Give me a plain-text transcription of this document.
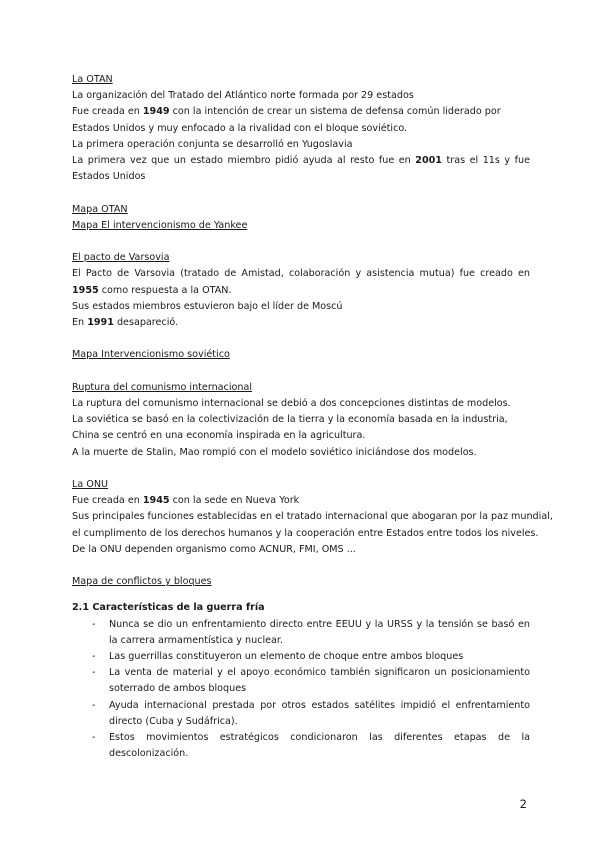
La OTAN
La organización del Tratado del Atlántico norte formada por 29 estados
Fue creada en 1949 con la intención de crear un sistema de defensa común liderado por
Estados Unidos y muy enfocado a la rivalidad con el bloque soviético.
La primera operación conjunta se desarrolló en Yugoslavia
La primera vez que un estado miembro pidió ayuda al resto fue en 2001 tras el 11s y fue Estados Unidos
Mapa OTAN
Mapa El intervencionismo de Yankee
El pacto de Varsovia
El Pacto de Varsovia (tratado de Amistad, colaboración y asistencia mutua) fue creado en 1955 como respuesta a la OTAN.
Sus estados miembros estuvieron bajo el líder de Moscú
En 1991 desapareció.
Mapa Intervencionismo soviético
Ruptura del comunismo internacional
La ruptura del comunismo internacional se debió a dos concepciones distintas de modelos.
La soviética se basó en la colectivización de la tierra y la economía basada en la industria,
China se centró en una economía inspirada en la agricultura.
A la muerte de Stalin, Mao rompió con el modelo soviético iniciándose dos modelos.
La ONU
Fue creada en 1945 con la sede en Nueva York
Sus principales funciones establecidas en el tratado internacional que abogaran por la paz mundial,
el cumplimento de los derechos humanos y la cooperación entre Estados entre todos los niveles.
De la ONU dependen organismo como ACNUR, FMI, OMS ...
Mapa de conflictos y bloques
2.1 Características de la guerra fría
- Nunca se dio un enfrentamiento directo entre EEUU y la URSS y la tensión se basó en la carrera armamentística y nuclear.
- Las guerrillas constituyeron un elemento de choque entre ambos bloques
- La venta de material y el apoyo económico también significaron un posicionamiento soterrado de ambos bloques
- Ayuda internacional prestada por otros estados satélites impidió el enfrentamiento directo (Cuba y Sudáfrica).
- Estos movimientos estratégicos condicionaron las diferentes etapas de la descolonización.
2
